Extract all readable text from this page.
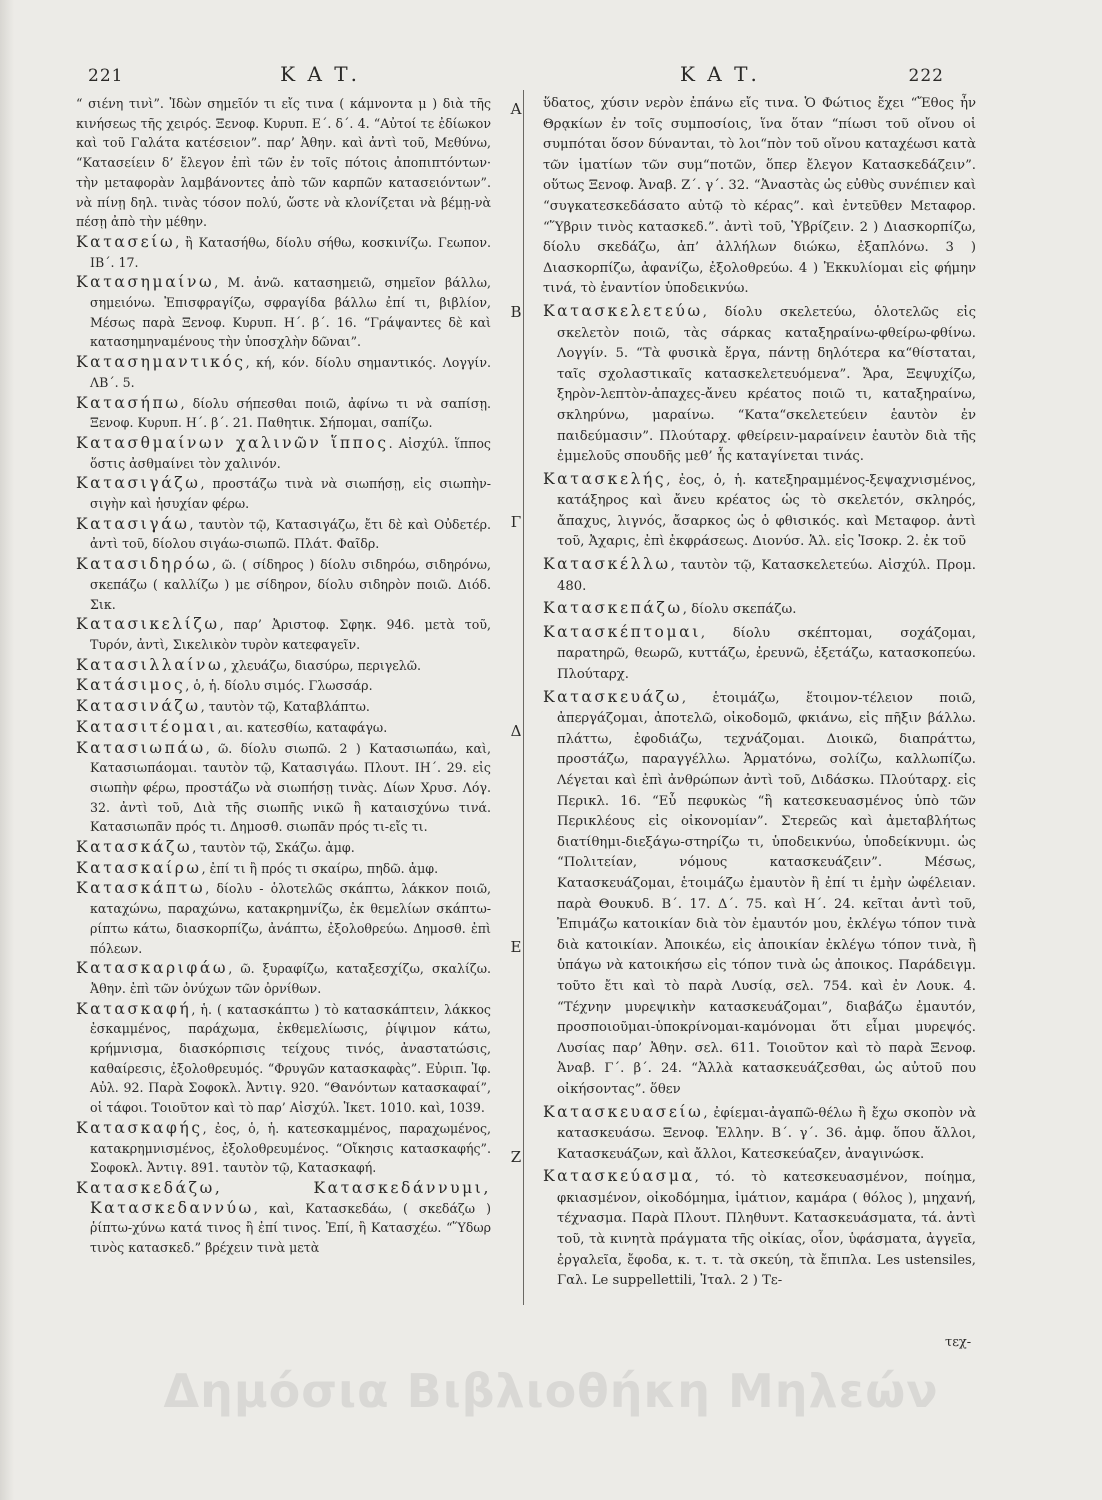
221	Κ Α Τ.	Κ Α Τ.	222
“ σιένη τινὶ”. Ἰδὼν σημεῖόν τι εἴς τινα ( κάμνοντα μ ) διὰ τῆς κινήσεως τῆς χειρός. Ξενοφ. Κυρυπ. Ε΄. δ΄. 4. “Αὐτοί τε ἐδίωκον καὶ τοῦ Γαλάτα κατέσειον”. παρ’ Ἀθην. καὶ ἀντὶ τοῦ, Μεθύνω, “Κατασείειν δ’ ἔλεγον ἐπὶ τῶν ἐν τοῖς πότοις ἀποπιπτόντων· τὴν μεταφορὰν λαμβάνοντες ἀπὸ τῶν καρπῶν κατασειόντων”. νὰ πίνῃ δηλ. τινὰς τόσον πολύ, ὥστε νὰ κλονίζεται νὰ βέμῃ-νὰ πέσῃ ἀπὸ τὴν μέθην.
Κατασείω, ἢ Κατασήθω, δίολυ σήθω, κοσκινίζω. Γεωπον. ΙΒ΄. 17.
Κατασημαίνω, Μ. ἀνῶ. κατασημειῶ, σημεῖον βάλλω, σημειόνω. Ἐπισφραγίζω, σφραγίδα βάλλω ἐπί τι, βιβλίον, Μέσως παρὰ Ξενοφ. Κυρυπ. Η΄. β΄. 16. “Γράψαντες δὲ καὶ κατασημηναμένους τὴν ὑποσχλὴν δῶναι”.
Κατασημαντικός, κή, κόν. δίολυ σημαντικός. Λογγίν. ΛΒ΄. 5.
Κατασήπω, δίολυ σήπεσθαι ποιῶ, ἀφίνω τι νὰ σαπίσῃ. Ξενοφ. Κυρυπ. Η΄. β΄. 21. Παθητικ. Σήπομαι, σαπίζω.
Κατασθμαίνων χαλινῶν ἵππος. Αἰσχύλ. ἵππος ὅστις ἀσθμαίνει τὸν χαλινόν.
Κατασιγάζω, προστάζω τινὰ νὰ σιωπήσῃ, εἰς σιωπὴν-σιγὴν καὶ ἡσυχίαν φέρω.
Κατασιγάω, ταυτὸν τῷ, Κατασιγάζω, ἔτι δὲ καὶ Οὐδετέρ. ἀντὶ τοῦ, δίολου σιγάω-σιωπῶ. Πλάτ. Φαῖδρ.
Κατασιδηρόω, ῶ. ( σίδηρος ) δίολυ σιδηρόω, σιδηρόνω, σκεπάζω ( καλλίζω ) με σίδηρον, δίολυ σιδηρὸν ποιῶ. Διόδ. Σικ.
Κατασικελίζω, παρ’ Ἀριστοφ. Σφηκ. 946. μετὰ τοῦ, Τυρόν, ἀντὶ, Σικελικὸν τυρὸν κατεφαγεῖν.
Κατασιλλαίνω, χλευάζω, διασύρω, περιγελῶ.
Κατάσιμος, ὁ, ἡ. δίολυ σιμός. Γλωσσάρ.
Κατασινάζω, ταυτὸν τῷ, Καταβλάπτω.
Κατασιτέομαι, αι. κατεσθίω, καταφάγω.
Κατασιωπάω, ῶ. δίολυ σιωπῶ. 2 ) Κατασιωπάω, καὶ, Κατασιωπάομαι. ταυτὸν τῷ, Κατασιγάω. Πλουτ. ΙΗ΄. 29. εἰς σιωπὴν φέρω, προστάζω νὰ σιωπήσῃ τινὰς. Δίων Χρυσ. Λόγ. 32. ἀντὶ τοῦ, Διὰ τῆς σιωπῆς νικῶ ἢ καταισχύνω τινά. Κατασιωπᾶν πρός τι. Δημοσθ. σιωπᾶν πρός τι-εἴς τι.
Κατασκάζω, ταυτὸν τῷ, Σκάζω. ἀμφ.
Κατασκαίρω, ἐπί τι ἢ πρός τι σκαίρω, πηδῶ. ἀμφ.
Κατασκάπτω, δίολυ - ὁλοτελῶς σκάπτω, λάκκον ποιῶ, καταχώνω, παραχώνω, κατακρημνίζω, ἐκ θεμελίων σκάπτω-ρίπτω κάτω, διασκορπίζω, ἀνάπτω, ἐξολοθρεύω. Δημοσθ. ἐπὶ πόλεων.
Κατασκαριφάω, ῶ. ξυραφίζω, καταξεσχίζω, σκαλίζω. Ἀθην. ἐπὶ τῶν ὀνύχων τῶν ὀρνίθων.
Κατασκαφή, ἡ. ( κατασκάπτω ) τὸ κατασκάπτειν, λάκκος ἐσκαμμένος, παράχωμα, ἐκθεμελίωσις, ῥίψιμον κάτω, κρήμνισμα, διασκόρπισις τείχους τινός, ἀναστατώσις, καθαίρεσις, ἐξολοθρευμός. “Φρυγῶν κατασκαφὰς”. Εὐριπ. Ἰφ. Αὐλ. 92. Παρὰ Σοφοκλ. Ἀντιγ. 920. “Θανόντων κατασκαφαί”, οἱ τάφοι. Τοιοῦτον καὶ τὸ παρ’ Αἰσχύλ. Ἱκετ. 1010. καὶ, 1039.
Κατασκαφής, ἐος, ὁ, ἡ. κατεσκαμμένος, παραχωμένος, κατακρημνισμένος, ἐξολοθρευμένος. “Οἴκησις κατασκαφής”. Σοφοκλ. Ἀντιγ. 891. ταυτὸν τῷ, Κατασκαφή.
Κατασκεδάζω, Κατασκεδάννυμι, Κατασκεδαννύω, καὶ, Κατασκεδάω, ( σκεδάζω ) ῥίπτω-χύνω κατά τινος ἢ ἐπί τινος. Ἐπί, ἢ Κατασχέω. “Ὕδωρ τινὸς κατασκεδ.” βρέχειν τινὰ μετὰ
ὕδατος, χύσιν νερὸν ἐπάνω εἴς τινα. Ὁ Φώτιος ἔχει “Ἔθος ἦν Θρᾳκίων ἐν τοῖς συμποσίοις, ἵνα ὅταν “πίωσι τοῦ οἴνου οἱ συμπόται ὅσον δύνανται, τὸ λοι“πὸν τοῦ οἴνου καταχέωσι κατὰ τῶν ἱματίων τῶν συμ“ποτῶν, ὅπερ ἔλεγον Κατασκεδάζειν”. οὕτως Ξενοφ. Ἀναβ. Ζ΄. γ΄. 32. “Ἀναστὰς ὡς εὐθὺς συνέπιεν καὶ “συγκατεσκεδάσατο αὐτῷ τὸ κέρας”. καὶ ἐντεῦθεν Μεταφορ. “Ὕβριν τινὸς κατασκεδ.”. ἀντὶ τοῦ, Ὑβρίζειν. 2 ) Διασκορπίζω, δίολυ σκεδάζω, ἀπ’ ἀλλήλων διώκω, ἐξαπλόνω. 3 ) Διασκορπίζω, ἀφανίζω, ἐξολοθρεύω. 4 ) Ἐκκυλίομαι εἰς φήμην τινά, τὸ ἐναντίον ὑποδεικνύω.
Κατασκελετεύω, δίολυ σκελετεύω, ὁλοτελῶς εἰς σκελετὸν ποιῶ, τὰς σάρκας καταξηραίνω-φθείρω-φθίνω. Λογγίν. 5. “Τὰ φυσικὰ ἔργα, πάντῃ δηλότερα κα“θίσταται, ταῖς σχολαστικαῖς κατασκελετευόμενα”. Ἄρα, Ξεψυχίζω, ξηρὸν-λεπτὸν-ἀπαχες-ἄνευ κρέατος ποιῶ τι, καταξηραίνω, σκληρύνω, μαραίνω. “Κατα“σκελετεύειν ἑαυτὸν ἐν παιδεύμασιν”. Πλούταρχ. φθείρειν-μαραίνειν ἑαυτὸν διὰ τῆς ἐμμελοῦς σπουδῆς μεθ’ ἧς καταγίνεται τινάς.
Κατασκελής, ἐος, ὁ, ἡ. κατεξηραμμένος-ξεψαχνισμένος, κατάξηρος καὶ ἄνευ κρέατος ὡς τὸ σκελετόν, σκληρός, ἄπαχυς, λιγνός, ἄσαρκος ὡς ὁ φθισικός. καὶ Μεταφορ. ἀντὶ τοῦ, Ἀχαρις, ἐπὶ ἐκφράσεως. Διονύσ. Ἁλ. εἰς Ἰσοκρ. 2. ἐκ τοῦ
Κατασκέλλω, ταυτὸν τῷ, Κατασκελετεύω. Αἰσχύλ. Προμ. 480.
Κατασκεπάζω, δίολυ σκεπάζω.
Κατασκέπτομαι, δίολυ σκέπτομαι, σοχάζομαι, παρατηρῶ, θεωρῶ, κυττάζω, ἐρευνῶ, ἐξετάζω, κατασκοπεύω. Πλούταρχ.
Κατασκευάζω, ἑτοιμάζω, ἕτοιμον-τέλειον ποιῶ, ἀπεργάζομαι, ἀποτελῶ, οἰκοδομῶ, φκιάνω, εἰς πῆξιν βάλλω. πλάττω, ἐφοδιάζω, τεχνάζομαι. Διοικῶ, διαπράττω, προστάζω, παραγγέλλω. Ἁρματόνω, σολίζω, καλλωπίζω. Λέγεται καὶ ἐπὶ ἀνθρώπων ἀντὶ τοῦ, Διδάσκω. Πλούταρχ. εἰς Περικλ. 16. “Εὖ πεφυκὼς “ἢ κατεσκευασμένος ὑπὸ τῶν Περικλέους εἰς οἰκονομίαν”. Στερεῶς καὶ ἀμεταβλήτως διατίθημι-διεξάγω-στηρίζω τι, ὑποδεικνύω, ὑποδείκνυμι. ὡς “Πολιτείαν, νόμους κατασκευάζειν”. Μέσως, Κατασκευάζομαι, ἑτοιμάζω ἐμαυτὸν ἢ ἐπί τι ἐμὴν ὠφέλειαν. παρὰ Θουκυδ. Β΄. 17. Δ΄. 75. καὶ Η΄. 24. κεῖται ἀντὶ τοῦ, Ἐπιμάζω κατοικίαν διὰ τὸν ἐμαυτόν μου, ἐκλέγω τόπον τινὰ διὰ κατοικίαν. Ἀποικέω, εἰς ἀποικίαν ἐκλέγω τόπον τινὰ, ἢ ὑπάγω νὰ κατοικήσω εἰς τόπον τινὰ ὡς ἀποικος. Παράδειγμ. τοῦτο ἔτι καὶ τὸ παρὰ Λυσίᾳ, σελ. 754. καὶ ἐν Λουκ. 4. “Τέχνην μυρεψικὴν κατασκευάζομαι”, διαβάζω ἐμαυτόν, προσποιοῦμαι-ὑποκρίνομαι-καμόνομαι ὅτι εἶμαι μυρεψός. Λυσίας παρ’ Ἀθην. σελ. 611. Τοιοῦτον καὶ τὸ παρὰ Ξενοφ. Ἀναβ. Γ΄. β΄. 24. “Ἀλλὰ κατασκευάζεσθαι, ὡς αὐτοῦ που οἰκήσοντας”. ὅθεν
Κατασκευασείω, ἐφίεμαι-ἀγαπῶ-θέλω ἢ ἔχω σκοπὸν νὰ κατασκευάσω. Ξενοφ. Ἑλλην. Β΄. γ΄. 36. ἀμφ. ὅπου ἄλλοι, Κατασκευάζων, καὶ ἄλλοι, Κατεσκεύαζεν, ἀναγινώσκ.
Κατασκεύασμα, τό. τὸ κατεσκευασμένον, ποίημα, φκιασμένον, οἰκοδόμημα, ἱμάτιον, καμάρα ( θόλος ), μηχανή, τέχνασμα. Παρὰ Πλουτ. Πληθυντ. Κατασκευάσματα, τά. ἀντὶ τοῦ, τὰ κινητὰ πράγματα τῆς οἰκίας, οἷον, ὑφάσματα, ἀγγεῖα, ἐργαλεῖα, ἔφοδα, κ. τ. τ. τὰ σκεύη, τὰ ἔπιπλα. Les ustensiles, Γαλ. Le suppellettili, Ἰταλ. 2 ) Τε-
Α
Β
Γ
Δ
Ε
Ζ
τεχ-
Δημόσια Βιβλιοθήκη Μηλεών
